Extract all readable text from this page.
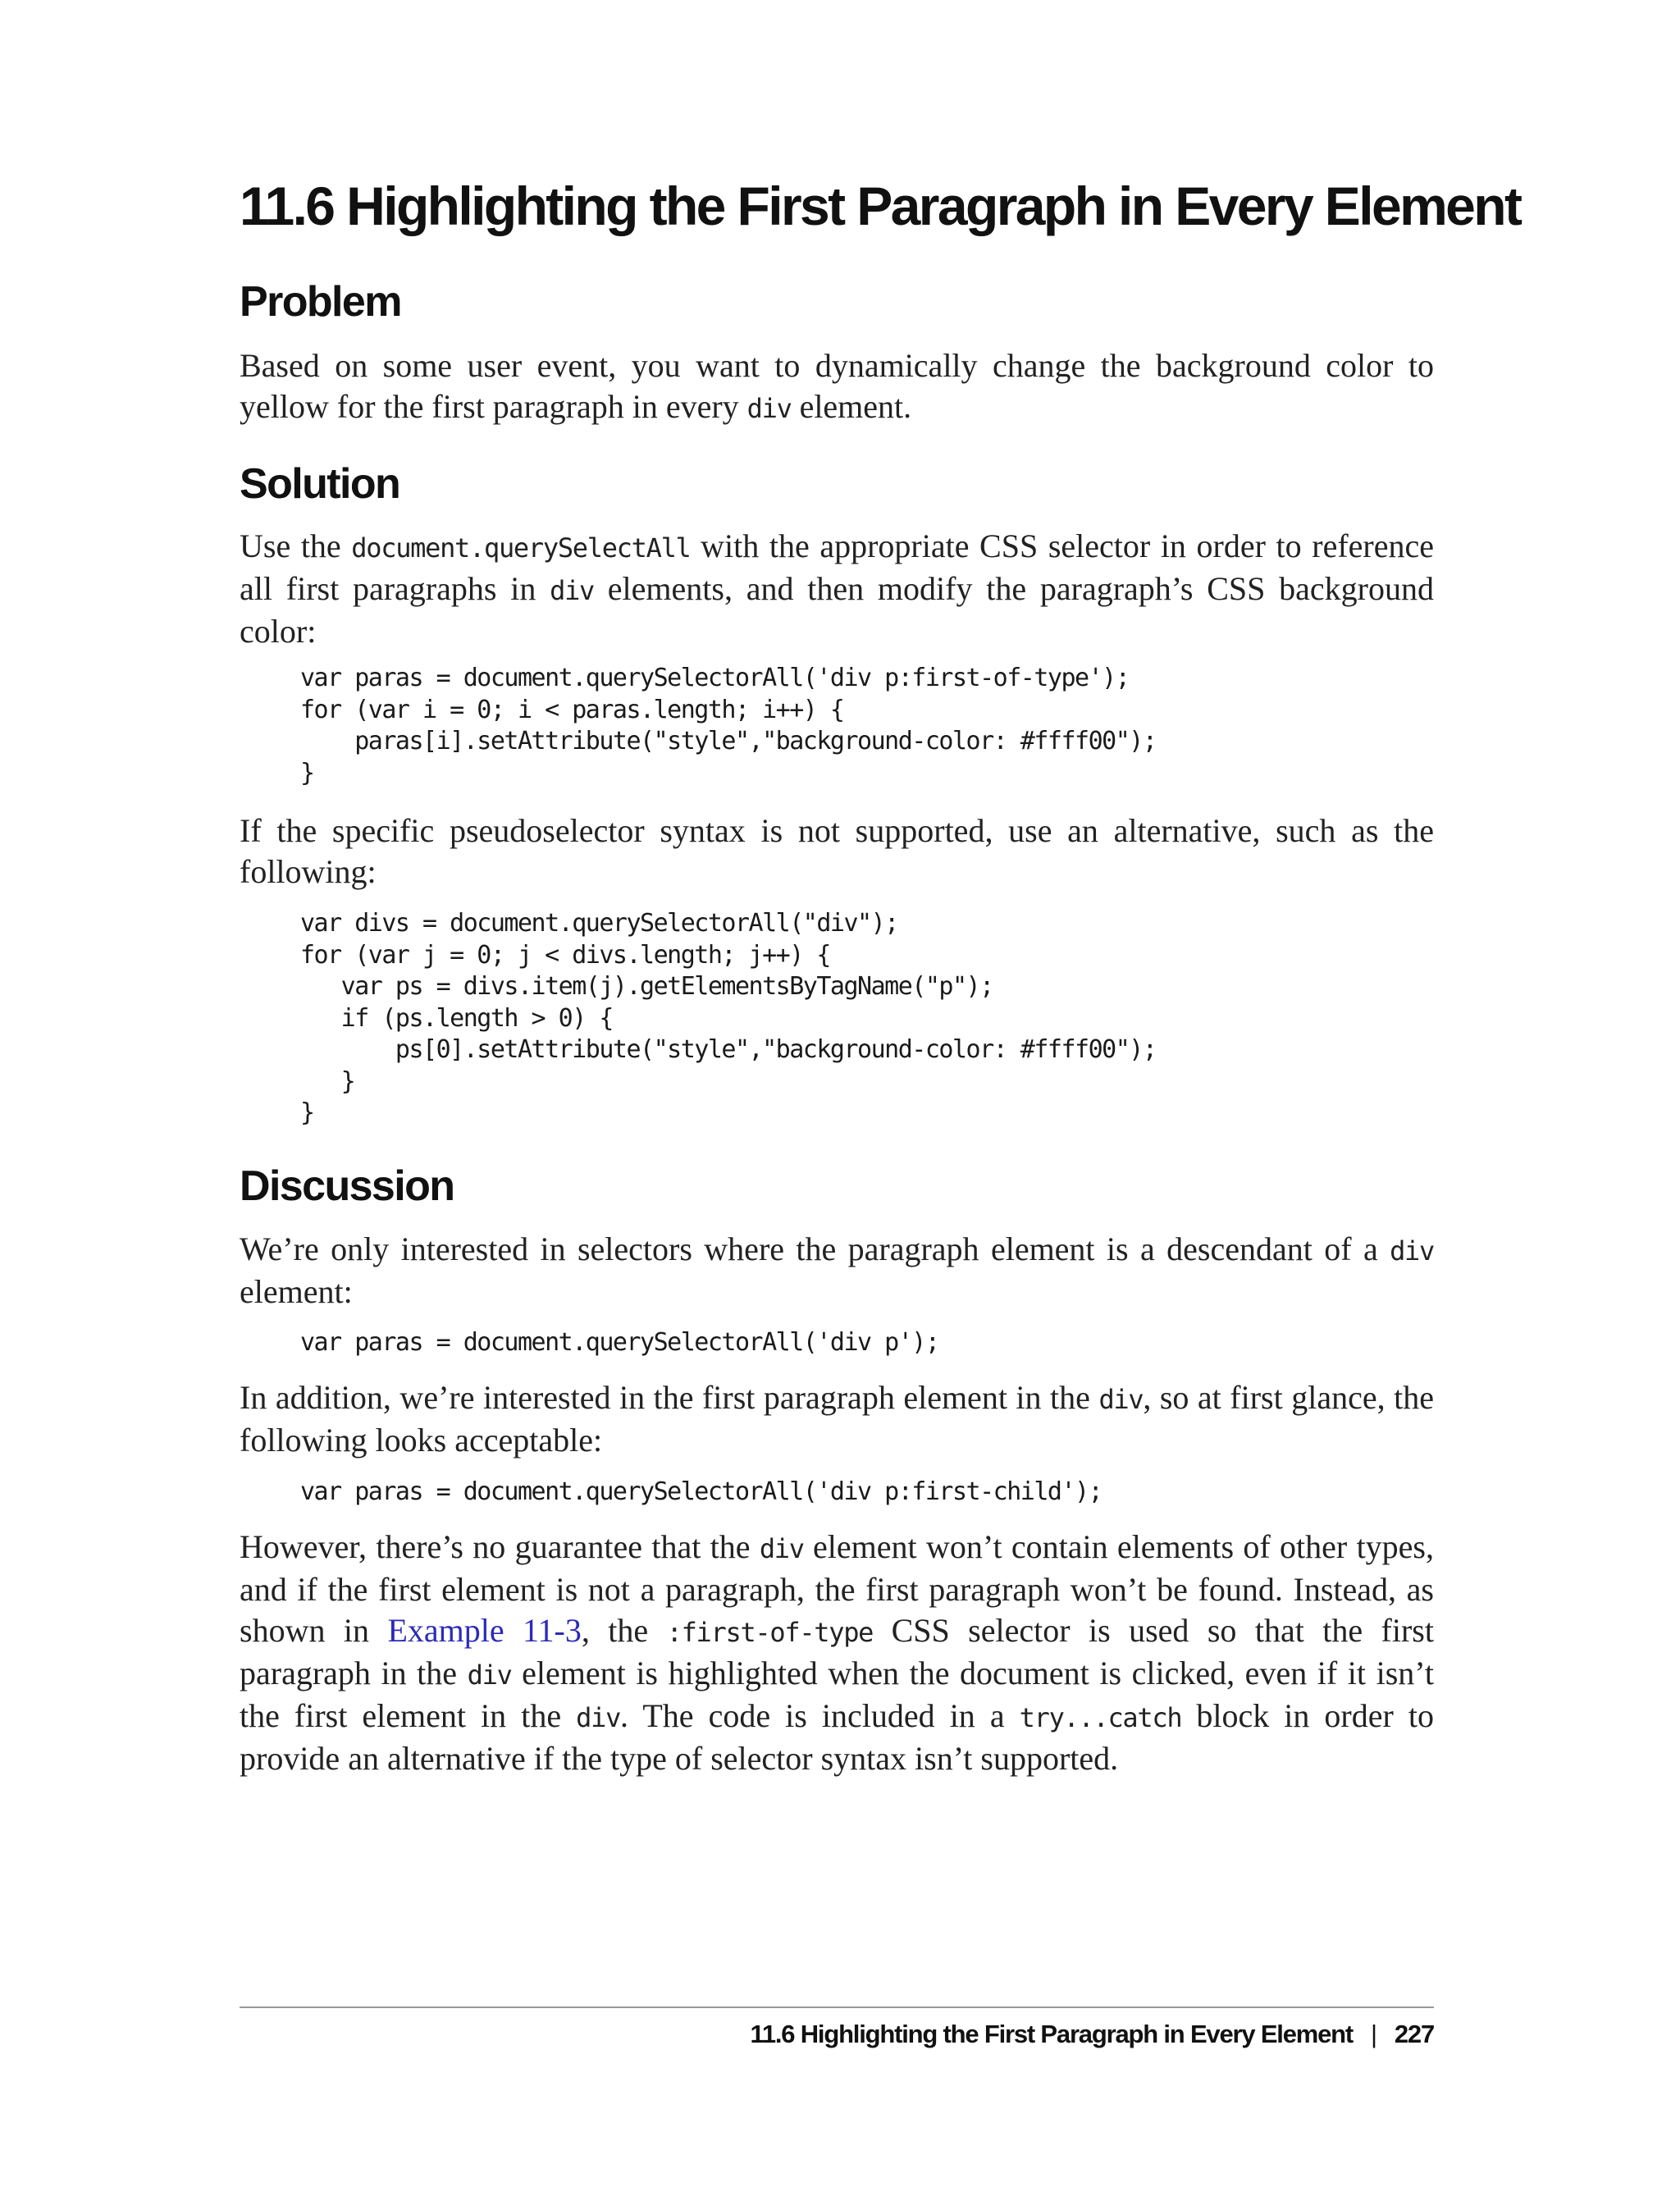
11.6 Highlighting the First Paragraph in Every Element
Problem

Based on some user event, you want to dynamically change the background color to yellow for the first paragraph in every div element.

Solution

Use the document.querySelectAll with the appropriate CSS selector in order to reference all first paragraphs in div elements, and then modify the paragraph’s CSS background color:

var paras = document.querySelectorAll('div p:first-of-type');
for (var i = 0; i < paras.length; i++) {
paras[i].setAttribute("style","background-color: #ffff00");
}

If the specific pseudoselector syntax is not supported, use an alternative, such as the following:

var divs = document.querySelectorAll("div");
for (var j = 0; j < divs.length; j++) {
var ps = divs.item(j).getElementsByTagName("p");
if (ps.length > 0) {
ps[0].setAttribute("style","background-color: #ffff00");
}
}
Discussion

We’re only interested in selectors where the paragraph element is a descendant of a div element:

var paras = document.querySelectorAll('div p');

In addition, we’re interested in the first paragraph element in the div, so at first glance, the following looks acceptable:

var paras = document.querySelectorAll('div p:first-child');

However, there’s no guarantee that the div element won’t contain elements of other types, and if the first element is not a paragraph, the first paragraph won’t be found. Instead, as shown in Example 11-3, the :first-of-type CSS selector is used so that the first paragraph in the div element is highlighted when the document is clicked, even if it isn’t the first element in the div. The code is included in a try...catch block in order to provide an alternative if the type of selector syntax isn’t supported.

11.6 Highlighting the First Paragraph in Every Element | 227
